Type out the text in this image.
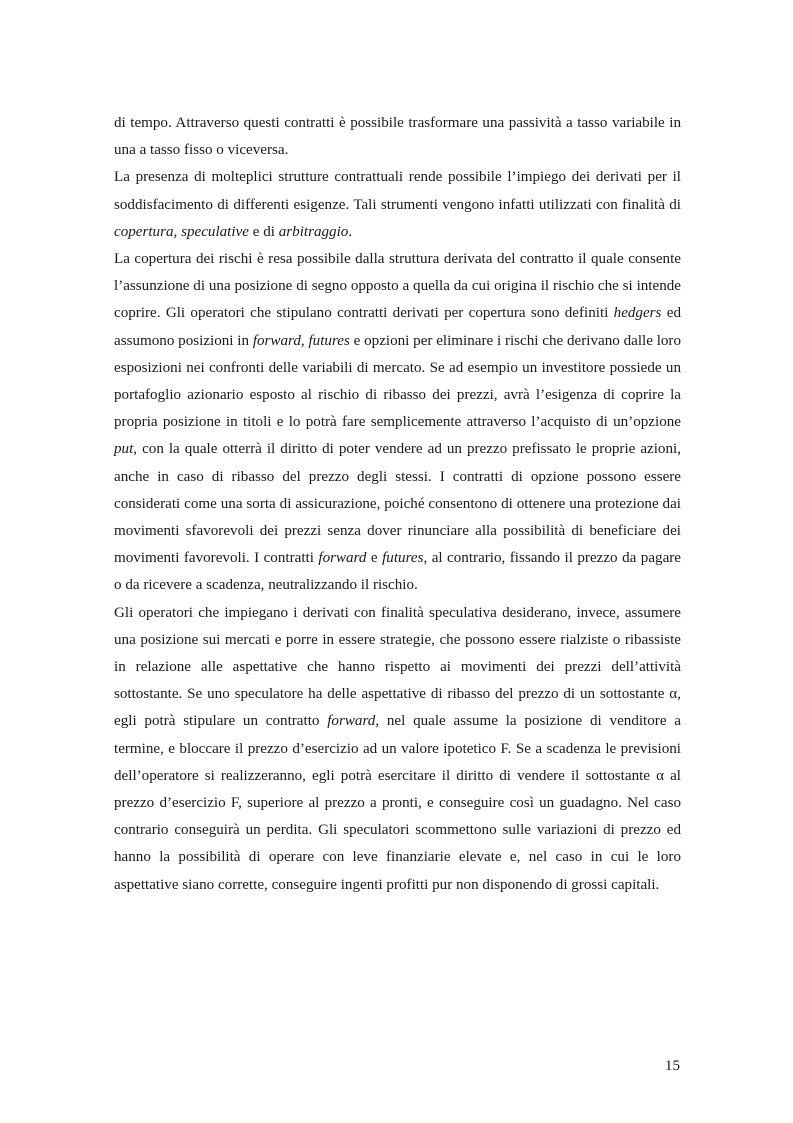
di tempo. Attraverso questi contratti è possibile trasformare una passività a tasso variabile in una a tasso fisso o viceversa.

La presenza di molteplici strutture contrattuali rende possibile l’impiego dei derivati per il soddisfacimento di differenti esigenze. Tali strumenti vengono infatti utilizzati con finalità di copertura, speculative e di arbitraggio.

La copertura dei rischi è resa possibile dalla struttura derivata del contratto il quale consente l’assunzione di una posizione di segno opposto a quella da cui origina il rischio che si intende coprire. Gli operatori che stipulano contratti derivati per copertura sono definiti hedgers ed assumono posizioni in forward, futures e opzioni per eliminare i rischi che derivano dalle loro esposizioni nei confronti delle variabili di mercato. Se ad esempio un investitore possiede un portafoglio azionario esposto al rischio di ribasso dei prezzi, avrà l’esigenza di coprire la propria posizione in titoli e lo potrà fare semplicemente attraverso l’acquisto di un’opzione put, con la quale otterrà il diritto di poter vendere ad un prezzo prefissato le proprie azioni, anche in caso di ribasso del prezzo degli stessi. I contratti di opzione possono essere considerati come una sorta di assicurazione, poiché consentono di ottenere una protezione dai movimenti sfavorevoli dei prezzi senza dover rinunciare alla possibilità di beneficiare dei movimenti favorevoli. I contratti forward e futures, al contrario, fissando il prezzo da pagare o da ricevere a scadenza, neutralizzando il rischio.

Gli operatori che impiegano i derivati con finalità speculativa desiderano, invece, assumere una posizione sui mercati e porre in essere strategie, che possono essere rialziste o ribassiste in relazione alle aspettative che hanno rispetto ai movimenti dei prezzi dell’attività sottostante. Se uno speculatore ha delle aspettative di ribasso del prezzo di un sottostante α, egli potrà stipulare un contratto forward, nel quale assume la posizione di venditore a termine, e bloccare il prezzo d’esercizio ad un valore ipotetico F. Se a scadenza le previsioni dell’operatore si realizzeranno, egli potrà esercitare il diritto di vendere il sottostante α al prezzo d’esercizio F, superiore al prezzo a pronti, e conseguire così un guadagno. Nel caso contrario conseguirà un perdita. Gli speculatori scommettono sulle variazioni di prezzo ed hanno la possibilità di operare con leve finanziarie elevate e, nel caso in cui le loro aspettative siano corrette, conseguire ingenti profitti pur non disponendo di grossi capitali.

15
